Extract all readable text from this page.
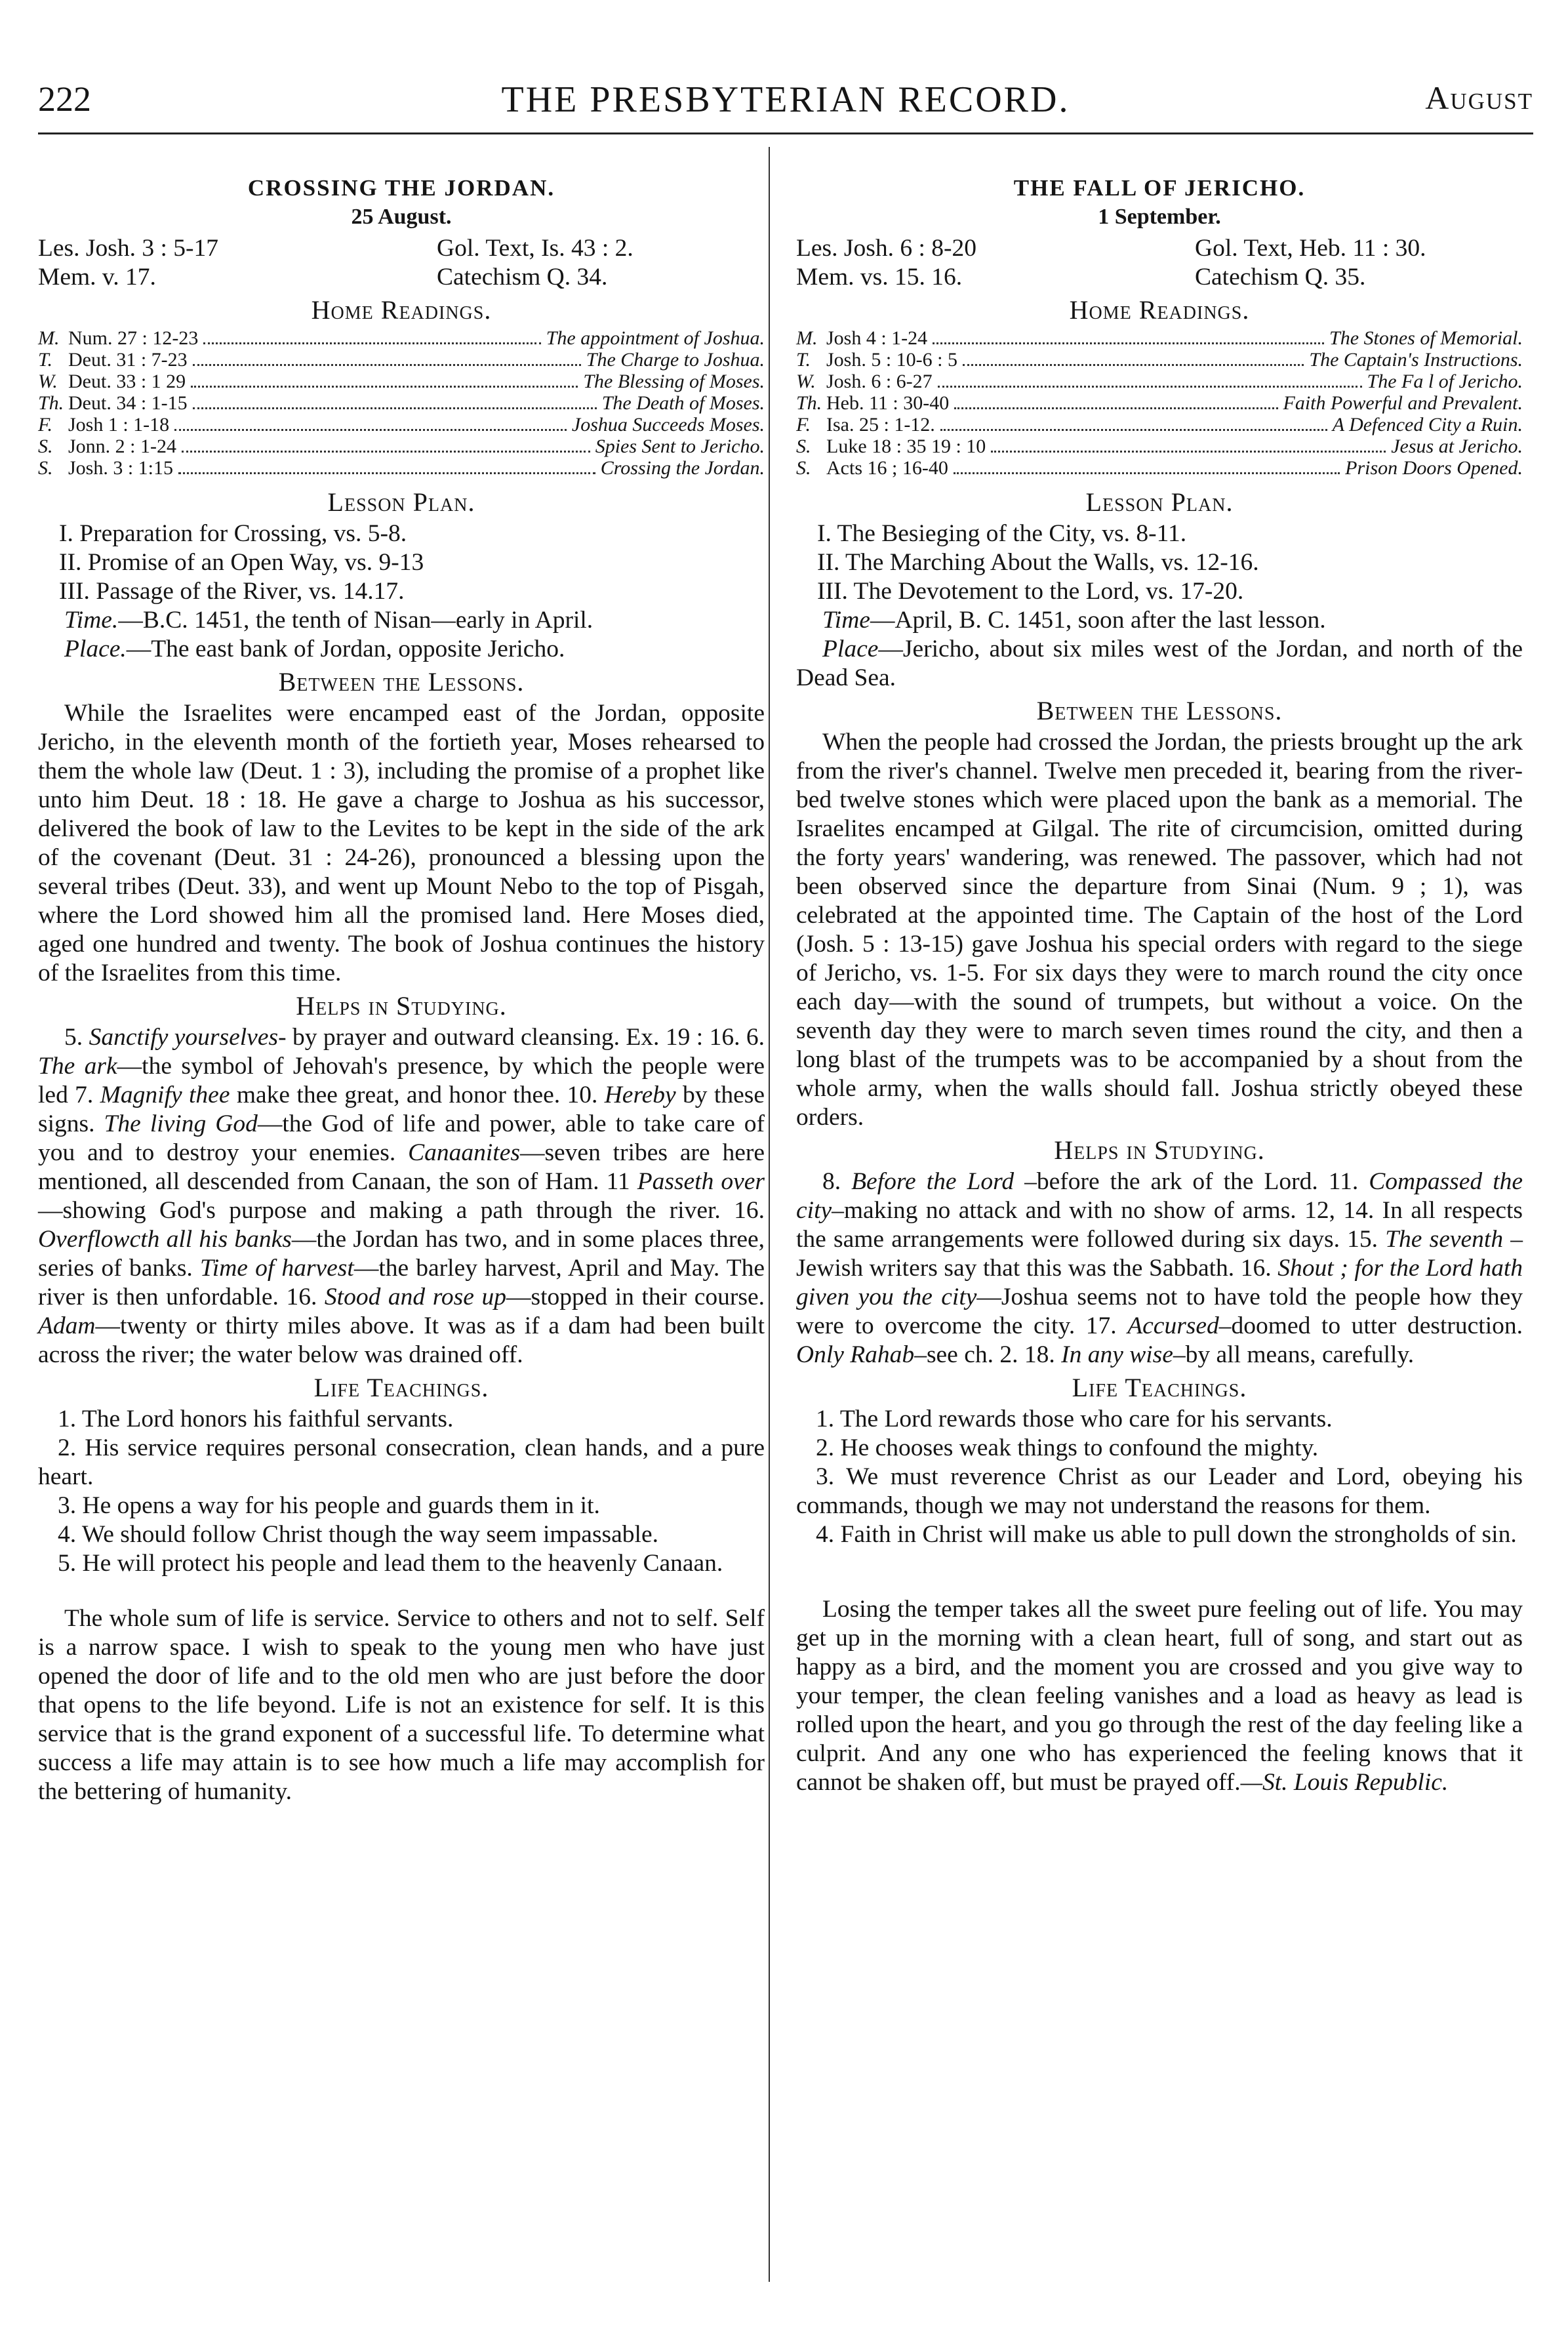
222	THE PRESBYTERIAN RECORD.	August

CROSSING THE JORDAN.

25 August.

Les. Josh. 3 : 5-17	Gol. Text, Is. 43 : 2.
Mem. v. 17.	Catechism Q. 34.
Home Readings.
M. Num. 27 : 12-23	The appointment of Joshua.
T. Deut. 31 : 7-23	The Charge to Joshua.
W. Deut. 33 : 1 29	The Blessing of Moses.
Th. Deut. 34 : 1-15	The Death of Moses.
F. Josh 1 : 1-18	Joshua Succeeds Moses.
S. Jonn. 2 : 1-24	Spies Sent to Jericho.
S. Josh. 3 : 1:15	Crossing the Jordan.
Lesson Plan.

I. Preparation for Crossing, vs. 5-8.

II. Promise of an Open Way, vs. 9-13

III. Passage of the River, vs. 14.17.

Time.—B.C. 1451, the tenth of Nisan—early in April.

Place.—The east bank of Jordan, opposite Jericho.

Between the Lessons.

While the Israelites were encamped east of the Jordan, opposite Jericho, in the eleventh month of the fortieth year, Moses rehearsed to them the whole law (Deut. 1 : 3), including the promise of a prophet like unto him Deut. 18 : 18. He gave a charge to Joshua as his successor, delivered the book of law to the Levites to be kept in the side of the ark of the covenant (Deut. 31 : 24-26), pronounced a blessing upon the several tribes (Deut. 33), and went up Mount Nebo to the top of Pisgah, where the Lord showed him all the promised land. Here Moses died, aged one hundred and twenty. The book of Joshua continues the history of the Israelites from this time.

Helps in Studying.

5. Sanctify yourselves- by prayer and outward cleansing. Ex. 19 : 16. 6. The ark—the symbol of Jehovah's presence, by which the people were led 7. Magnify thee make thee great, and honor thee. 10. Hereby by these signs. The living God—the God of life and power, able to take care of you and to destroy your enemies. Canaanites—seven tribes are here mentioned, all descended from Canaan, the son of Ham. 11 Passeth over—showing God's purpose and making a path through the river. 16. Overflowcth all his banks—the Jordan has two, and in some places three, series of banks. Time of harvest—the barley harvest, April and May. The river is then unfordable. 16. Stood and rose up—stopped in their course. Adam—twenty or thirty miles above. It was as if a dam had been built across the river; the water below was drained off.

Life Teachings.

1. The Lord honors his faithful servants.

2. His service requires personal consecration, clean hands, and a pure heart.

3. He opens a way for his people and guards them in it.

4. We should follow Christ though the way seem impassable.

5. He will protect his people and lead them to the heavenly Canaan.

The whole sum of life is service. Service to others and not to self. Self is a narrow space. I wish to speak to the young men who have just opened the door of life and to the old men who are just before the door that opens to the life beyond. Life is not an existence for self. It is this service that is the grand exponent of a successful life. To determine what success a life may attain is to see how much a life may accomplish for the bettering of humanity.

THE FALL OF JERICHO.

1 September.

Les. Josh. 6 : 8-20	Gol. Text, Heb. 11 : 30.
Mem. vs. 15. 16.	Catechism Q. 35.
Home Readings.
M. Josh 4 : 1-24	The Stones of Memorial.
T. Josh. 5 : 10-6 : 5	The Captain's Instructions.
W. Josh. 6 : 6-27	The Fa l of Jericho.
Th. Heb. 11 : 30-40	Faith Powerful and Prevalent.
F. Isa. 25 : 1-12.	A Defenced City a Ruin.
S. Luke 18 : 35 19 : 10	Jesus at Jericho.
S. Acts 16 ; 16-40	Prison Doors Opened.
Lesson Plan.

I. The Besieging of the City, vs. 8-11.

II. The Marching About the Walls, vs. 12-16.

III. The Devotement to the Lord, vs. 17-20.

Time—April, B. C. 1451, soon after the last lesson.

Place—Jericho, about six miles west of the Jordan, and north of the Dead Sea.

Between the Lessons.

When the people had crossed the Jordan, the priests brought up the ark from the river's channel. Twelve men preceded it, bearing from the river-bed twelve stones which were placed upon the bank as a memorial. The Israelites encamped at Gilgal. The rite of circumcision, omitted during the forty years' wandering, was renewed. The passover, which had not been observed since the departure from Sinai (Num. 9 ; 1), was celebrated at the appointed time. The Captain of the host of the Lord (Josh. 5 : 13-15) gave Joshua his special orders with regard to the siege of Jericho, vs. 1-5. For six days they were to march round the city once each day—with the sound of trumpets, but without a voice. On the seventh day they were to march seven times round the city, and then a long blast of the trumpets was to be accompanied by a shout from the whole army, when the walls should fall. Joshua strictly obeyed these orders.

Helps in Studying.

8. Before the Lord –before the ark of the Lord. 11. Compassed the city–making no attack and with no show of arms. 12, 14. In all respects the same arrangements were followed during six days. 15. The seventh –Jewish writers say that this was the Sabbath. 16. Shout ; for the Lord hath given you the city—Joshua seems not to have told the people how they were to overcome the city. 17. Accursed–doomed to utter destruction. Only Rahab–see ch. 2. 18. In any wise–by all means, carefully.

Life Teachings.

1. The Lord rewards those who care for his servants.

2. He chooses weak things to confound the mighty.

3. We must reverence Christ as our Leader and Lord, obeying his commands, though we may not understand the reasons for them.

4. Faith in Christ will make us able to pull down the strongholds of sin.

Losing the temper takes all the sweet pure feeling out of life. You may get up in the morning with a clean heart, full of song, and start out as happy as a bird, and the moment you are crossed and you give way to your temper, the clean feeling vanishes and a load as heavy as lead is rolled upon the heart, and you go through the rest of the day feeling like a culprit. And any one who has experienced the feeling knows that it cannot be shaken off, but must be prayed off.—St. Louis Republic.
